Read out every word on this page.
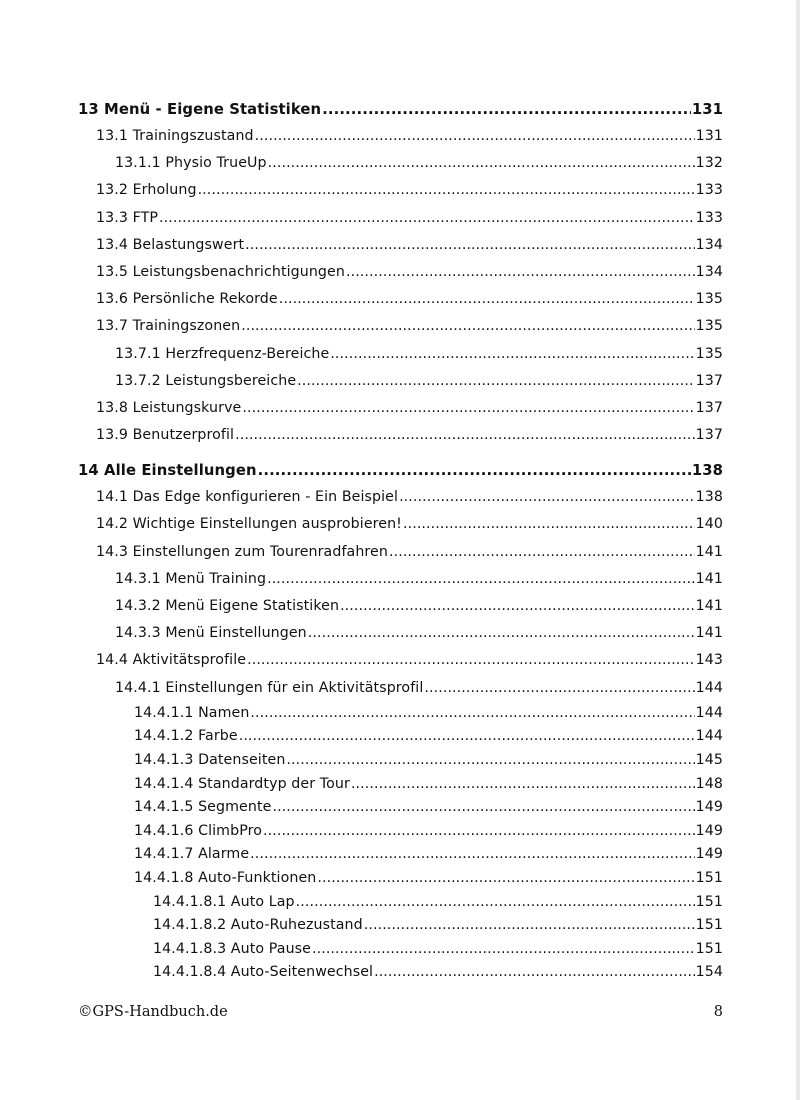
13 Menü - Eigene Statistiken .....	131
13.1 Trainingszustand .....	131
13.1.1 Physio TrueUp .....	132
13.2 Erholung .....	133
13.3 FTP .....	133
13.4 Belastungswert .....	134
13.5 Leistungsbenachrichtigungen .....	134
13.6 Persönliche Rekorde .....	135
13.7 Trainingszonen .....	135
13.7.1 Herzfrequenz-Bereiche .....	135
13.7.2 Leistungsbereiche .....	137
13.8 Leistungskurve .....	137
13.9 Benutzerprofil .....	137
14 Alle Einstellungen .....	138
14.1 Das Edge konfigurieren - Ein Beispiel .....	138
14.2 Wichtige Einstellungen ausprobieren! .....	140
14.3 Einstellungen zum Tourenradfahren .....	141
14.3.1 Menü Training .....	141
14.3.2 Menü Eigene Statistiken .....	141
14.3.3 Menü Einstellungen .....	141
14.4 Aktivitätsprofile .....	143
14.4.1 Einstellungen für ein Aktivitätsprofil .....	144
14.4.1.1 Namen .....	144
14.4.1.2 Farbe .....	144
14.4.1.3 Datenseiten .....	145
14.4.1.4 Standardtyp der Tour .....	148
14.4.1.5 Segmente .....	149
14.4.1.6 ClimbPro .....	149
14.4.1.7 Alarme .....	149
14.4.1.8 Auto-Funktionen .....	151
14.4.1.8.1 Auto Lap .....	151
14.4.1.8.2 Auto-Ruhezustand .....	151
14.4.1.8.3 Auto Pause .....	151
14.4.1.8.4 Auto-Seitenwechsel .....	154
©GPS-Handbuch.de	8
